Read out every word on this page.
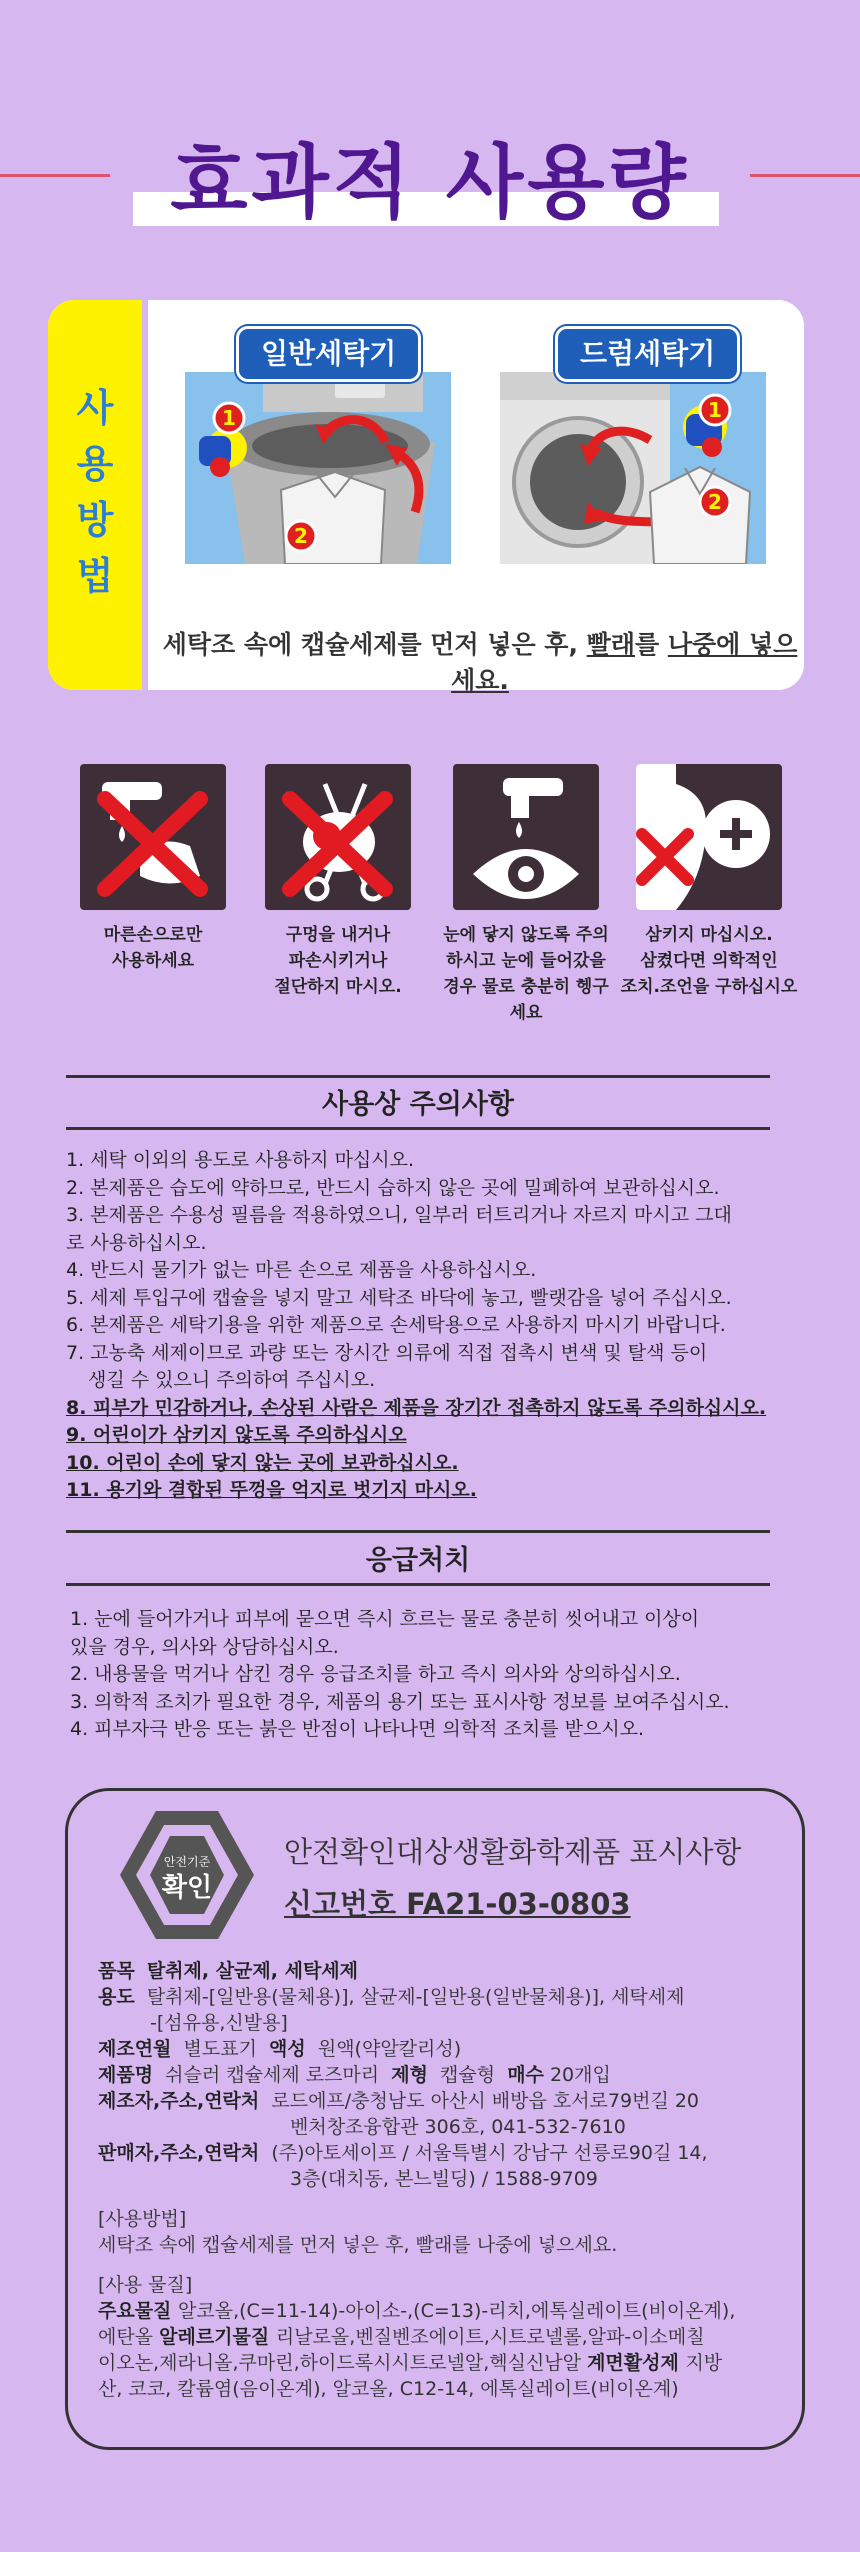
효과적 사용량
사
용
방
법
1
2
일반세탁기
1
2
드럼세탁기
세탁조 속에 캡슐세제를 먼저 넣은 후, 빨래를 나중에 넣으세요.
마른손으로만
사용하세요
구멍을 내거나
파손시키거나
절단하지 마시오.
눈에 닿지 않도록 주의
하시고 눈에 들어갔을
경우 물로 충분히 헹구세요
삼키지 마십시오.
삼켰다면 의학적인
조치.조언을 구하십시오
사용상 주의사항
1. 세탁 이외의 용도로 사용하지 마십시오.
2. 본제품은 습도에 약하므로, 반드시 습하지 않은 곳에 밀폐하여 보관하십시오.
3. 본제품은 수용성 필름을 적용하였으니, 일부러 터트리거나 자르지 마시고 그대
로 사용하십시오.
4. 반드시 물기가 없는 마른 손으로 제품을 사용하십시오.
5. 세제 투입구에 캡슐을 넣지 말고 세탁조 바닥에 놓고, 빨랫감을 넣어 주십시오.
6. 본제품은 세탁기용을 위한 제품으로 손세탁용으로 사용하지 마시기 바랍니다.
7. 고농축 세제이므로 과량 또는 장시간 의류에 직접 접촉시 변색 및 탈색 등이
생길 수 있으니 주의하여 주십시오.
8. 피부가 민감하거나, 손상된 사람은 제품을 장기간 접촉하지 않도록 주의하십시오.
9. 어린이가 삼키지 않도록 주의하십시오
10. 어린이 손에 닿지 않는 곳에 보관하십시오.
11. 용기와 결합된 뚜껑을 억지로 벗기지 마시오.
응급처치
1. 눈에 들어가거나 피부에 묻으면 즉시 흐르는 물로 충분히 씻어내고 이상이
있을 경우, 의사와 상담하십시오.
2. 내용물을 먹거나 삼킨 경우 응급조치를 하고 즉시 의사와 상의하십시오.
3. 의학적 조치가 필요한 경우, 제품의 용기 또는 표시사항 정보를 보여주십시오.
4. 피부자극 반응 또는 붉은 반점이 나타나면 의학적 조치를 받으시오.
안전기준
확인
안전확인대상생활화학제품 표시사항
신고번호 FA21-03-0803
품목 탈취제, 살균제, 세탁세제
용도 탈취제-[일반용(물체용)], 살균제-[일반용(일반물체용)], 세탁세제
-[섬유용,신발용]
제조연월 별도표기 액성 원액(약알칼리성)
제품명 쉬슬러 캡슐세제 로즈마리 제형 캡슐형 매수 20개입
제조자,주소,연락처 로드에프/충청남도 아산시 배방읍 호서로79번길 20
벤처창조융합관 306호, 041-532-7610
판매자,주소,연락처 (주)아토세이프 / 서울특별시 강남구 선릉로90길 14,
3층(대치동, 본느빌딩) / 1588-9709
[사용방법]
세탁조 속에 캡슐세제를 먼저 넣은 후, 빨래를 나중에 넣으세요.
[사용 물질]
주요물질 알코올,(C=11-14)-아이소-,(C=13)-리치,에톡실레이트(비이온계),
에탄올 알레르기물질 리날로올,벤질벤조에이트,시트로넬롤,알파-이소메칠
이오논,제라니올,쿠마린,하이드록시시트로넬알,헥실신남알 계면활성제 지방
산, 코코, 칼륨염(음이온계), 알코올, C12-14, 에톡실레이트(비이온계)
